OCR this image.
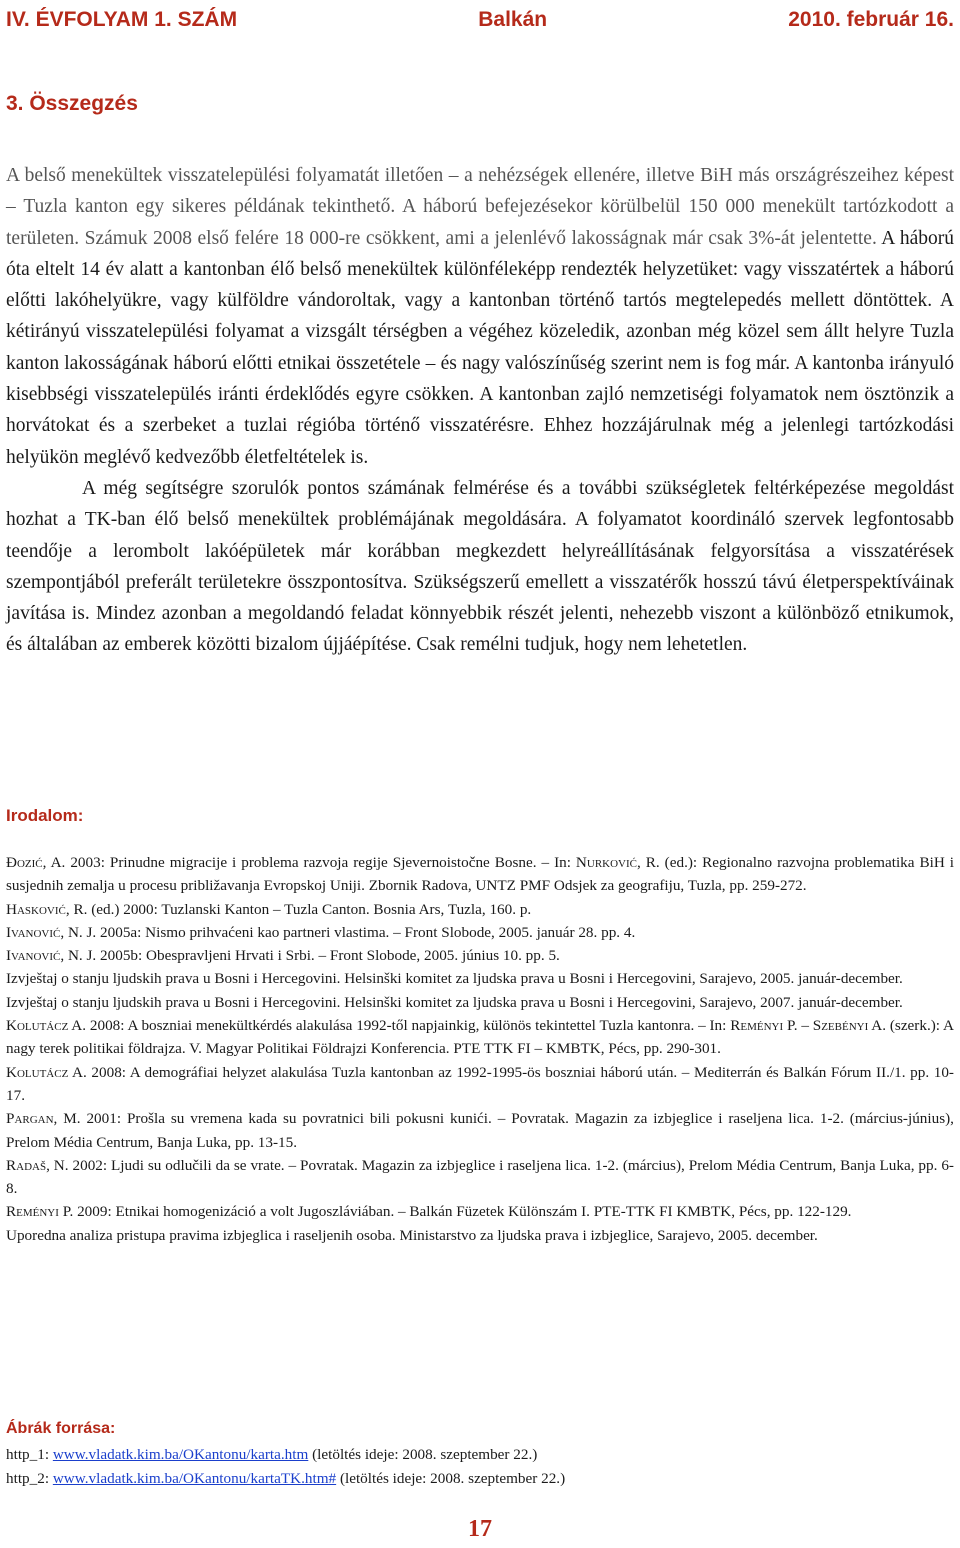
IV. ÉVFOLYAM 1. SZÁM	Balkán	2010. február 16.
3. Összegzés

A belső menekültek visszatelepülési folyamatát illetően – a nehézségek ellenére, illetve BiH más országrészeihez képest – Tuzla kanton egy sikeres példának tekinthető. A háború befejezésekor körülbelül 150 000 menekült tartózkodott a területen. Számuk 2008 első felére 18 000-re csökkent, ami a jelenlévő lakosságnak már csak 3%-át jelentette. A háború óta eltelt 14 év alatt a kantonban élő belső menekültek különféleképp rendezték helyzetüket: vagy visszatértek a háború előtti lakóhelyükre, vagy külföldre vándoroltak, vagy a kantonban történő tartós megtelepedés mellett döntöttek. A kétirányú visszatelepülési folyamat a vizsgált térségben a végéhez közeledik, azonban még közel sem állt helyre Tuzla kanton lakosságának háború előtti etnikai összetétele – és nagy valószínűség szerint nem is fog már. A kantonba irányuló kisebbségi visszatelepülés iránti érdeklődés egyre csökken. A kantonban zajló nemzetiségi folyamatok nem ösztönzik a horvátokat és a szerbeket a tuzlai régióba történő visszatérésre. Ehhez hozzájárulnak még a jelenlegi tartózkodási helyükön meglévő kedvezőbb életfeltételek is.

A még segítségre szorulók pontos számának felmérése és a további szükségletek feltérképezése megoldást hozhat a TK-ban élő belső menekültek problémájának megoldására. A folyamatot koordináló szervek legfontosabb teendője a lerombolt lakóépületek már korábban megkezdett helyreállításának felgyorsítása a visszatérések szempontjából preferált területekre összpontosítva. Szükségszerű emellett a visszatérők hosszú távú életperspektíváinak javítása is. Mindez azonban a megoldandó feladat könnyebbik részét jelenti, nehezebb viszont a különböző etnikumok, és általában az emberek közötti bizalom újjáépítése. Csak remélni tudjuk, hogy nem lehetetlen.

Irodalom:

Đozić, A. 2003: Prinudne migracije i problema razvoja regije Sjevernoistočne Bosne. – In: Nurković, R. (ed.): Regionalno razvojna problematika BiH i susjednih zemalja u procesu približavanja Evropskoj Uniji. Zbornik Radova, UNTZ PMF Odsjek za geografiju, Tuzla, pp. 259-272.

Hasković, R. (ed.) 2000: Tuzlanski Kanton – Tuzla Canton. Bosnia Ars, Tuzla, 160. p.

Ivanović, N. J. 2005a: Nismo prihvaćeni kao partneri vlastima. – Front Slobode, 2005. január 28. pp. 4.

Ivanović, N. J. 2005b: Obespravljeni Hrvati i Srbi. – Front Slobode, 2005. június 10. pp. 5.

Izvještaj o stanju ljudskih prava u Bosni i Hercegovini. Helsinški komitet za ljudska prava u Bosni i Hercegovini, Sarajevo, 2005. január-december.

Izvještaj o stanju ljudskih prava u Bosni i Hercegovini. Helsinški komitet za ljudska prava u Bosni i Hercegovini, Sarajevo, 2007. január-december.

Kolutácz A. 2008: A boszniai menekültkérdés alakulása 1992-től napjainkig, különös tekintettel Tuzla kantonra. – In: Reményi P. – Szebényi A. (szerk.): A nagy terek politikai földrajza. V. Magyar Politikai Földrajzi Konferencia. PTE TTK FI – KMBTK, Pécs, pp. 290-301.

Kolutácz A. 2008: A demográfiai helyzet alakulása Tuzla kantonban az 1992-1995-ös boszniai háború után. – Mediterrán és Balkán Fórum II./1. pp. 10-17.

Pargan, M. 2001: Prošla su vremena kada su povratnici bili pokusni kunići. – Povratak. Magazin za izbjeglice i raseljena lica. 1-2. (március-június), Prelom Média Centrum, Banja Luka, pp. 13-15.

Radaš, N. 2002: Ljudi su odlučili da se vrate. – Povratak. Magazin za izbjeglice i raseljena lica. 1-2. (március), Prelom Média Centrum, Banja Luka, pp. 6-8.

Reményi P. 2009: Etnikai homogenizáció a volt Jugoszláviában. – Balkán Füzetek Különszám I. PTE-TTK FI KMBTK, Pécs, pp. 122-129.

Uporedna analiza pristupa pravima izbjeglica i raseljenih osoba. Ministarstvo za ljudska prava i izbjeglice, Sarajevo, 2005. december.

Ábrák forrása:

http_1: www.vladatk.kim.ba/OKantonu/karta.htm (letöltés ideje: 2008. szeptember 22.)

http_2: www.vladatk.kim.ba/OKantonu/kartaTK.htm# (letöltés ideje: 2008. szeptember 22.)

17
